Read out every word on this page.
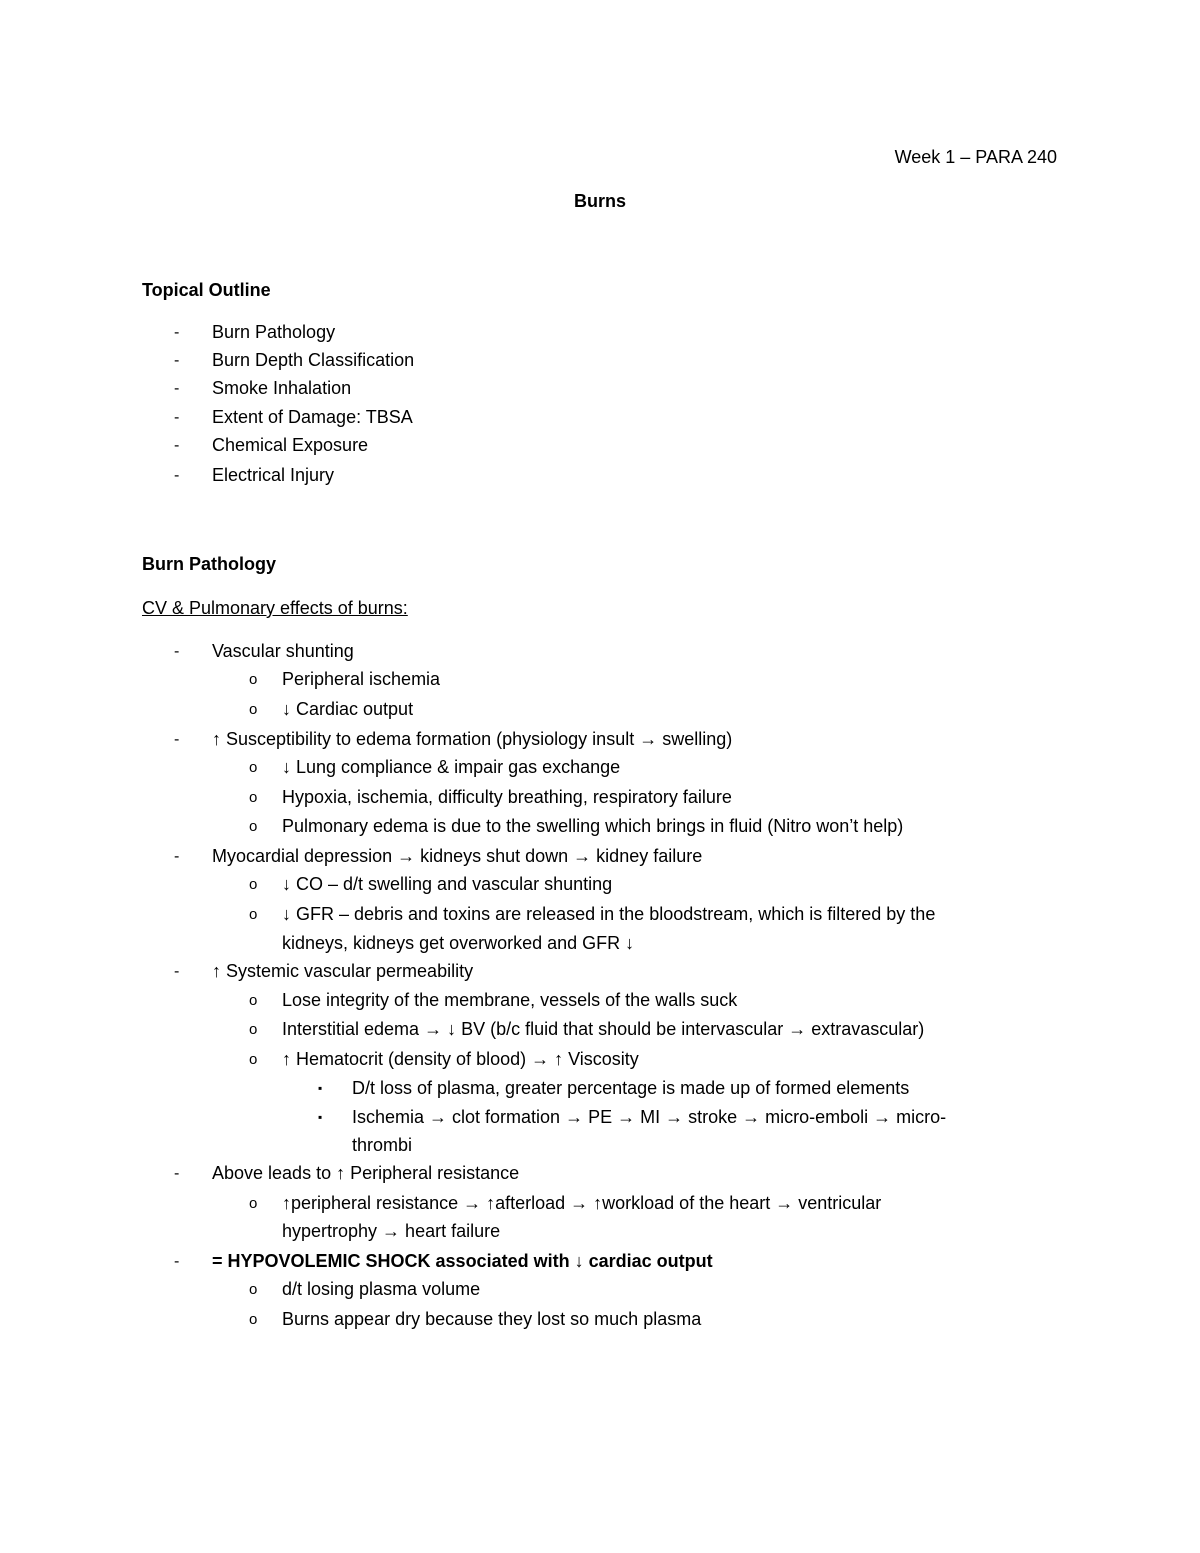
Week 1 – PARA 240
Burns
Topical Outline
- Burn Pathology
- Burn Depth Classification
- Smoke Inhalation
- Extent of Damage: TBSA
- Chemical Exposure
- Electrical Injury
Burn Pathology
CV & Pulmonary effects of burns:
- Vascular shunting
o Peripheral ischemia
o ↓ Cardiac output
- ↑ Susceptibility to edema formation (physiology insult → swelling)
o ↓ Lung compliance & impair gas exchange
o Hypoxia, ischemia, difficulty breathing, respiratory failure
o Pulmonary edema is due to the swelling which brings in fluid (Nitro won’t help)
- Myocardial depression → kidneys shut down → kidney failure
o ↓ CO – d/t swelling and vascular shunting
o ↓ GFR – debris and toxins are released in the bloodstream, which is filtered by the
kidneys, kidneys get overworked and GFR ↓
- ↑ Systemic vascular permeability
o Lose integrity of the membrane, vessels of the walls suck
o Interstitial edema → ↓ BV (b/c fluid that should be intervascular → extravascular)
o ↑ Hematocrit (density of blood) → ↑ Viscosity
▪ D/t loss of plasma, greater percentage is made up of formed elements
▪ Ischemia → clot formation → PE → MI → stroke → micro-emboli → micro-
thrombi
- Above leads to ↑ Peripheral resistance
o ↑peripheral resistance → ↑afterload → ↑workload of the heart → ventricular
hypertrophy → heart failure
- = HYPOVOLEMIC SHOCK associated with ↓ cardiac output
o d/t losing plasma volume
o Burns appear dry because they lost so much plasma
